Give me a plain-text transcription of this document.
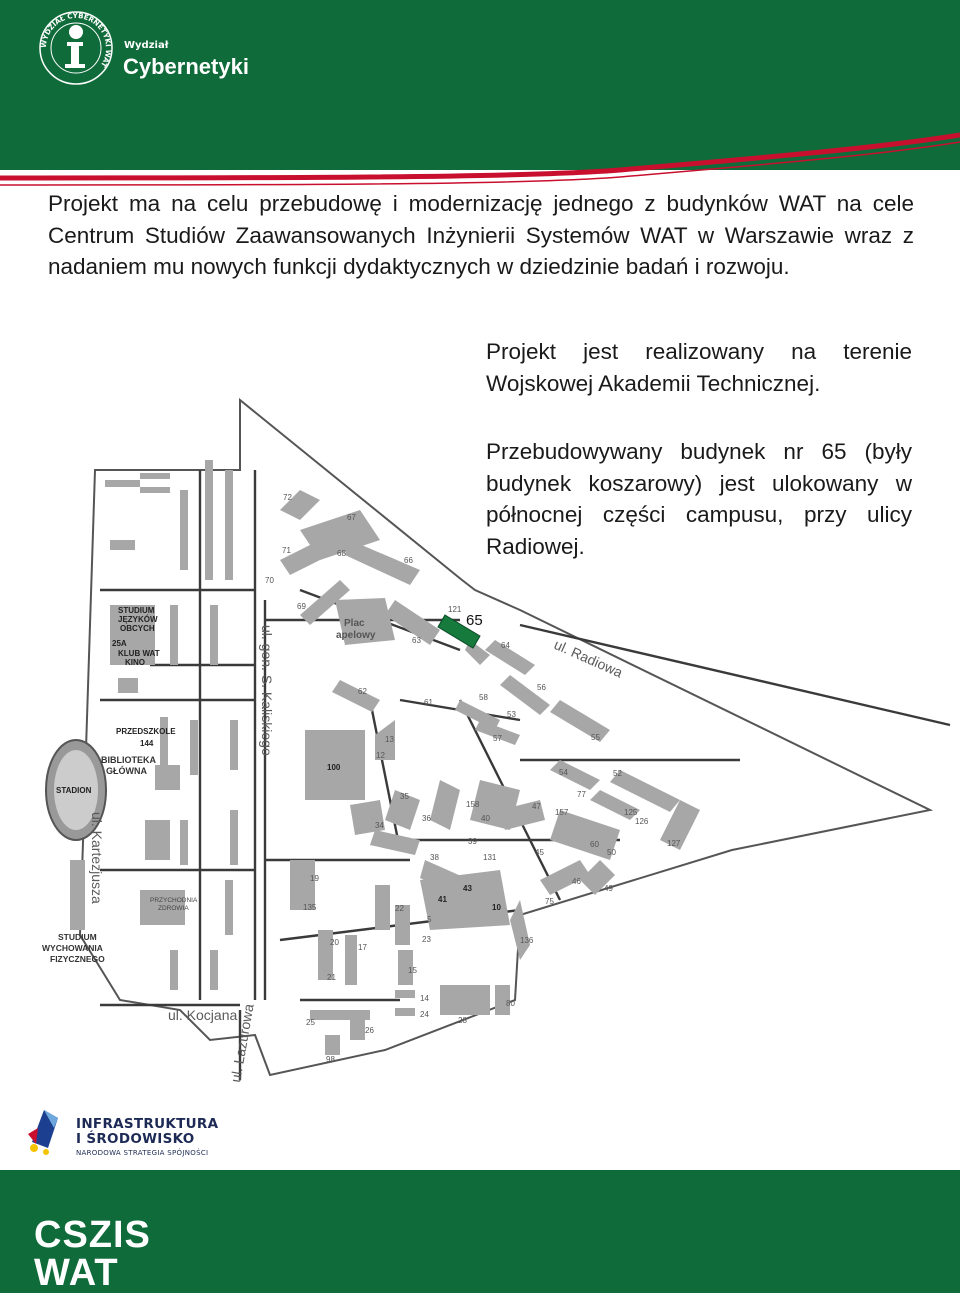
WYDZIAŁ CYBERNETYKI WAT
Wydział
Cybernetyki

Projekt ma na celu przebudowę i modernizację jednego z budynków WAT na cele Centrum Studiów Zaawansowanych Inżynierii Systemów WAT w Warszawie wraz z nadaniem mu nowych funkcji dydaktycznych w dziedzinie badań i rozwoju.

Projekt jest realizowany na terenie Wojskowej Akademii Technicznej.

Przebudowywany budynek nr 65 (były budynek koszarowy) jest ulokowany w północnej części campusu, przy ulicy Radiowej.

65
ul. gen. S. Kaliskiego	ul. Radiowa
ul. Kartezjusza
ul. Kocjana
ul. Lazurowa
Plac
apelowy
STADION
STUDIUM
JĘZYKÓW
OBCYCH
25A
KLUB WAT
KINO
PRZEDSZKOLE
144
BIBLIOTEKA
GŁÓWNA
PRZYCHODNIA
ZDROWIA
STUDIUM
WYCHOWANIA
FIZYCZNEGO
72
71
70
69
68
67
66
121
64
63
62
61
56
58
53
57	55
54	52
77
47
157	125
126
127
158
40
39
131
38
43
41
10
45
60
50
46
49
75
136
35
36
34
100
13
12
19
135	22
5
23
20
17
21
15
14
24
28
80
25
26
98
INFRASTRUKTURA
I ŚRODOWISKO
NARODOWA STRATEGIA SPÓJNOŚCI
CSZIS
WAT
